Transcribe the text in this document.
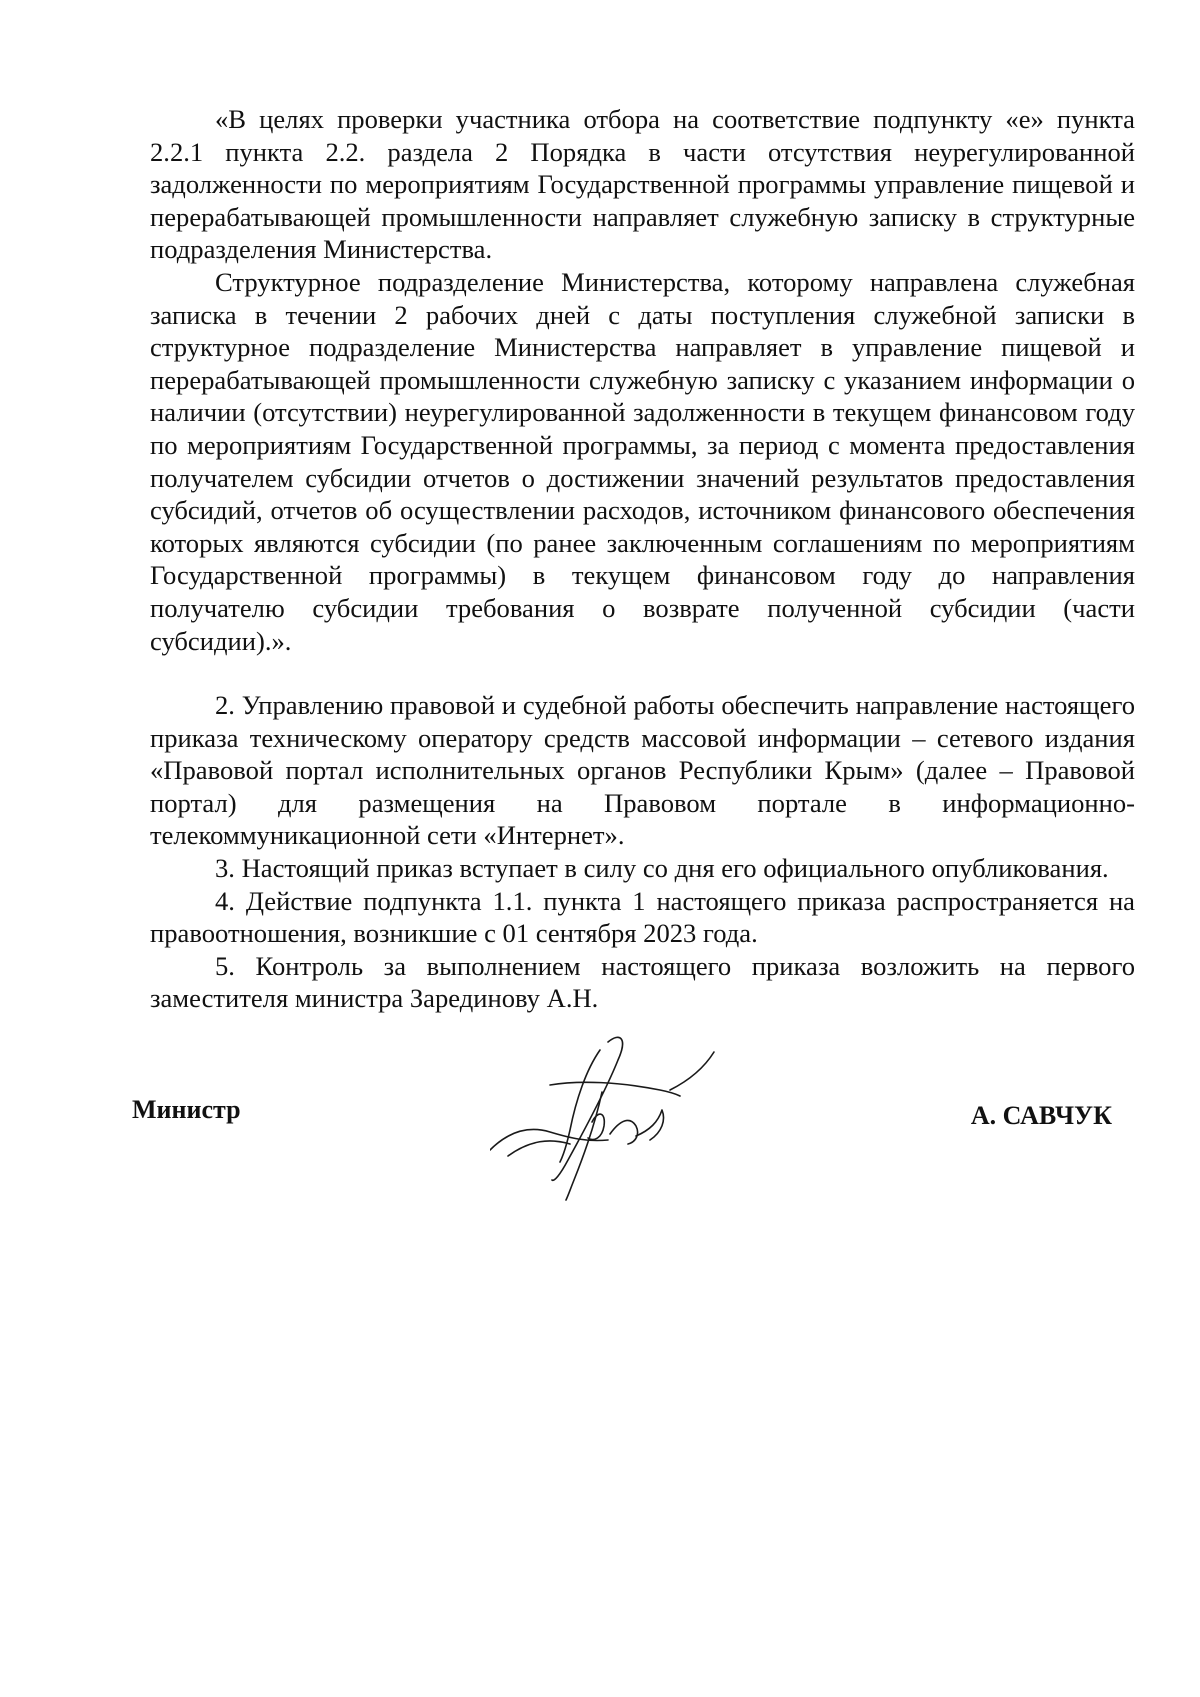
«В целях проверки участника отбора на соответствие подпункту «е» пункта 2.2.1 пункта 2.2. раздела 2 Порядка в части отсутствия неурегулированной задолженности по мероприятиям Государственной программы управление пищевой и перерабатывающей промышленности направляет служебную записку в структурные подразделения Министерства.

Структурное подразделение Министерства, которому направлена служебная записка в течении 2 рабочих дней с даты поступления служебной записки в структурное подразделение Министерства направляет в управление пищевой и перерабатывающей промышленности служебную записку с указанием информации о наличии (отсутствии) неурегулированной задолженности в текущем финансовом году по мероприятиям Государственной программы, за период с момента предоставления получателем субсидии отчетов о достижении значений результатов предоставления субсидий, отчетов об осуществлении расходов, источником финансового обеспечения которых являются субсидии (по ранее заключенным соглашениям по мероприятиям Государственной программы) в текущем финансовом году до направления получателю субсидии требования о возврате полученной субсидии (части субсидии).».

2. Управлению правовой и судебной работы обеспечить направление настоящего приказа техническому оператору средств массовой информации – сетевого издания «Правовой портал исполнительных органов Республики Крым» (далее – Правовой портал) для размещения на Правовом портале в информационно-телекоммуникационной сети «Интернет».

3. Настоящий приказ вступает в силу со дня его официального опубликования.

4. Действие подпункта 1.1. пункта 1 настоящего приказа распространяется на правоотношения, возникшие с 01 сентября 2023 года.

5. Контроль за выполнением настоящего приказа возложить на первого заместителя министра Зарединову А.Н.

Министр	А. САВЧУК
